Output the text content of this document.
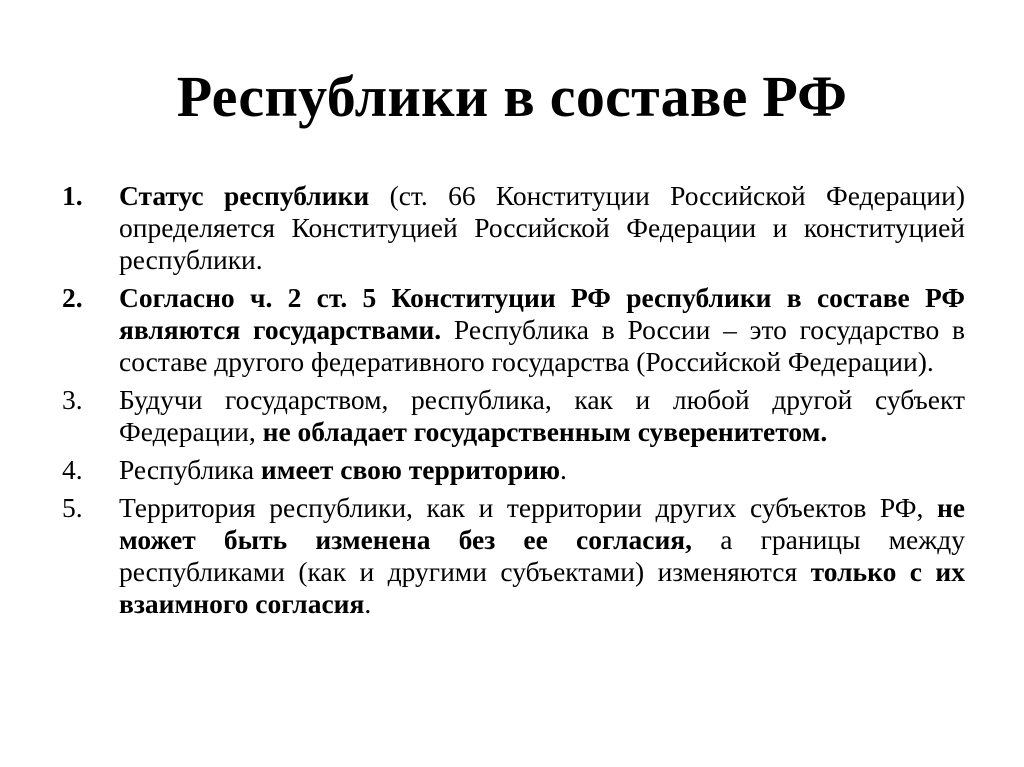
Республики в составе РФ
1. Статус республики (ст. 66 Конституции Российской Федерации) определяется Конституцией Российской Федерации и конституцией республики.
2. Согласно ч. 2 ст. 5 Конституции РФ республики в составе РФ являются государствами. Республика в России – это государство в составе другого федеративного государства (Российской Федерации).
3. Будучи государством, республика, как и любой другой субъект Федерации, не обладает государственным суверенитетом.
4. Республика имеет свою территорию.
5. Территория республики, как и территории других субъектов РФ, не может быть изменена без ее согласия, а границы между республиками (как и другими субъектами) изменяются только с их взаимного согласия.
